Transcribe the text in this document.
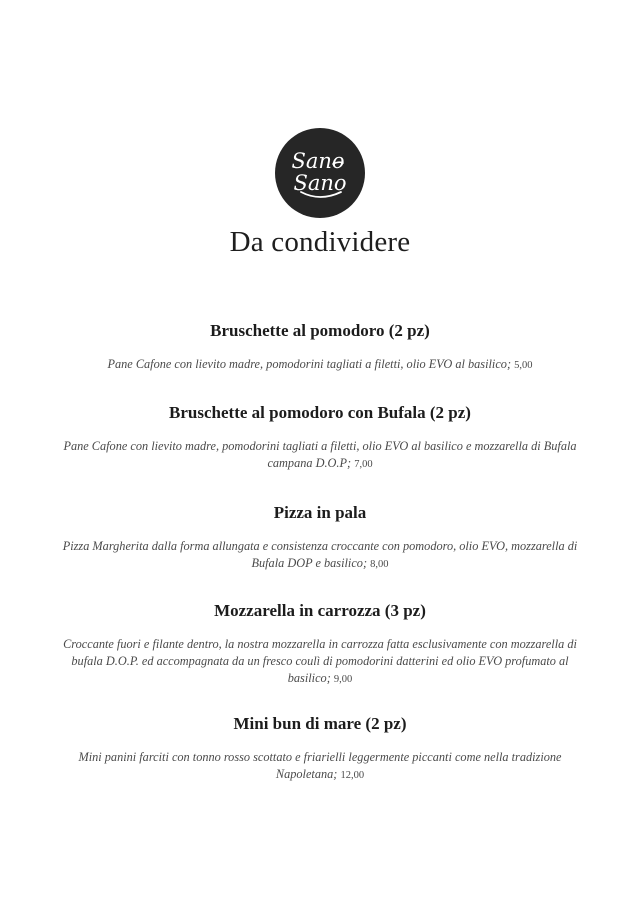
Sano
Sano
Da condividere

Bruschette al pomodoro (2 pz)

Pane Cafone con lievito madre, pomodorini tagliati a filetti, olio EVO al basilico; 5,00

Bruschette al pomodoro con Bufala (2 pz)

Pane Cafone con lievito madre, pomodorini tagliati a filetti, olio EVO al basilico e mozzarella di Bufala campana D.O.P; 7,00

Pizza in pala

Pizza Margherita dalla forma allungata e consistenza croccante con pomodoro, olio EVO, mozzarella di Bufala DOP e basilico; 8,00

Mozzarella in carrozza (3 pz)

Croccante fuori e filante dentro, la nostra mozzarella in carrozza fatta esclusivamente con mozzarella di bufala D.O.P. ed accompagnata da un fresco coulì di pomodorini datterini ed olio EVO profumato al basilico; 9,00

Mini bun di mare (2 pz)

Mini panini farciti con tonno rosso scottato e friarielli leggermente piccanti come nella tradizione Napoletana; 12,00
